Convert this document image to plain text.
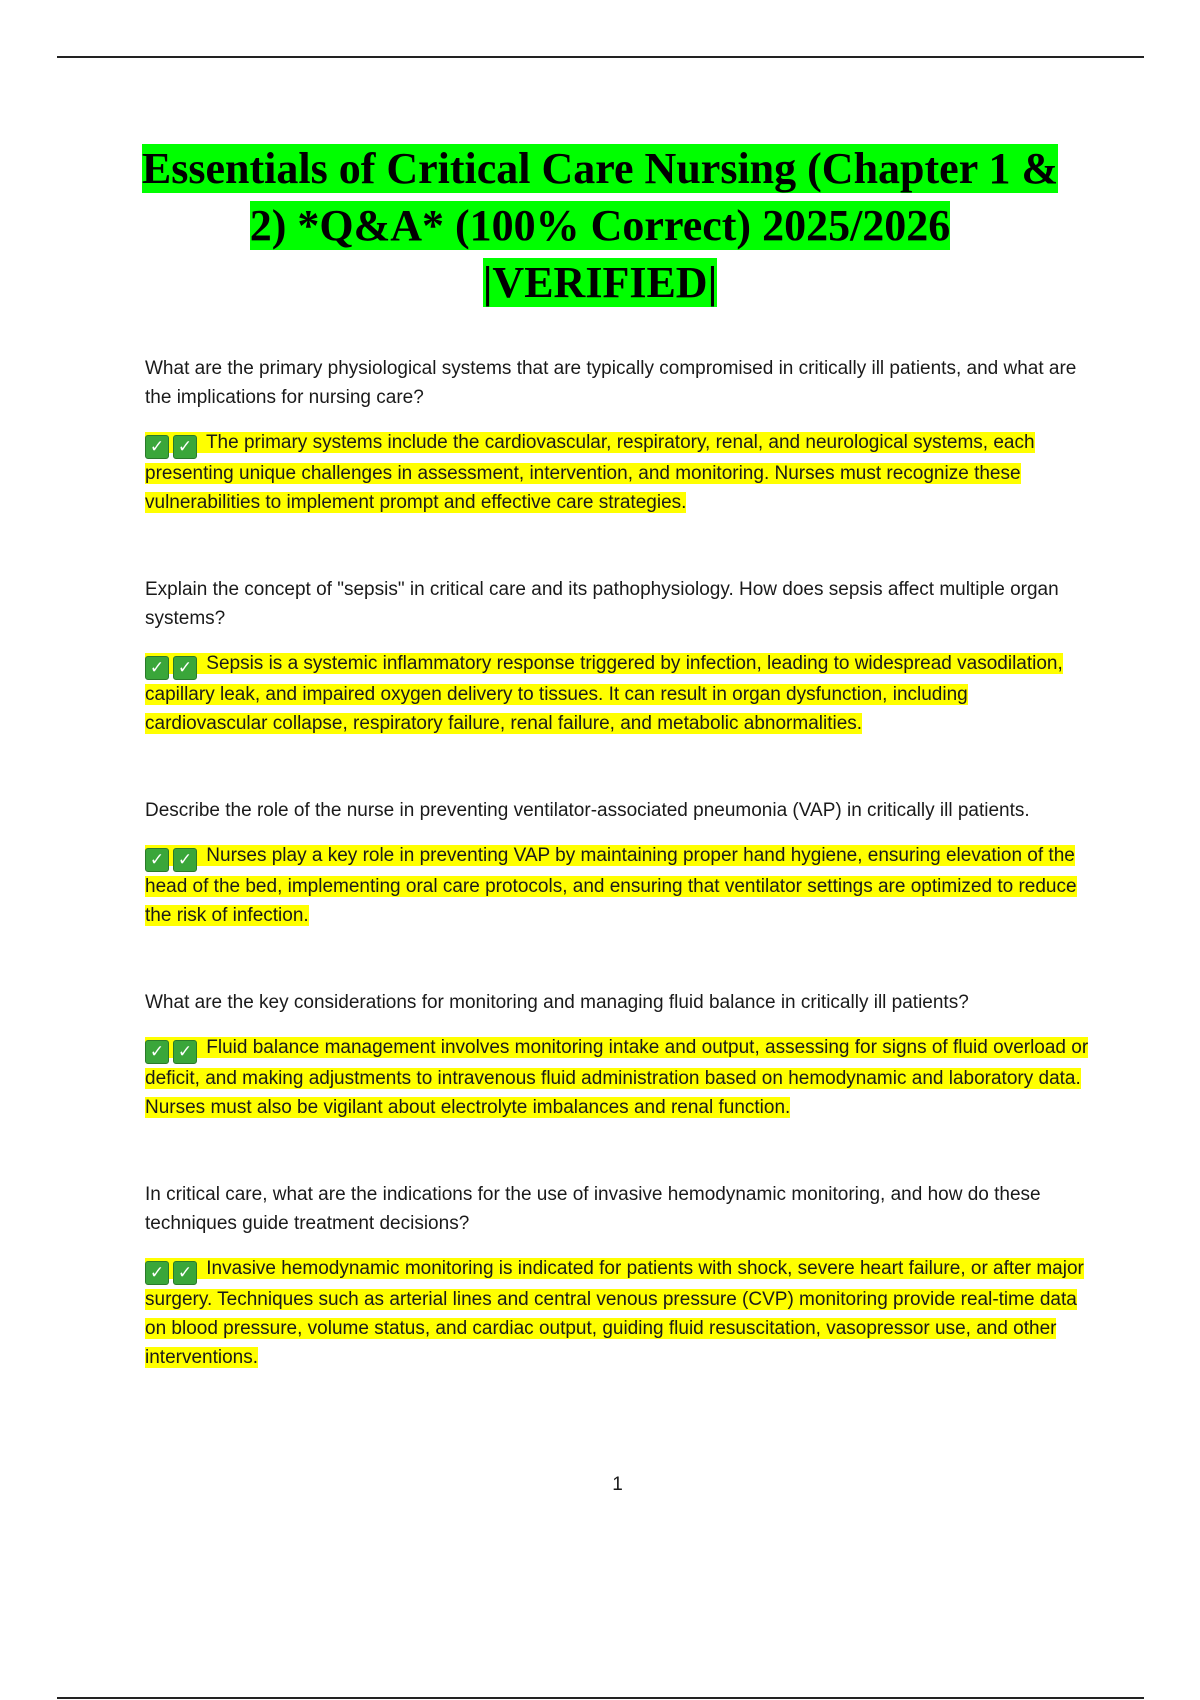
Essentials of Critical Care Nursing (Chapter 1 & 2) *Q&A* (100% Correct) 2025/2026 |VERIFIED|

What are the primary physiological systems that are typically compromised in critically ill patients, and what are the implications for nursing care?

✓ ✓ The primary systems include the cardiovascular, respiratory, renal, and neurological systems, each presenting unique challenges in assessment, intervention, and monitoring. Nurses must recognize these vulnerabilities to implement prompt and effective care strategies.

Explain the concept of "sepsis" in critical care and its pathophysiology. How does sepsis affect multiple organ systems?

✓ ✓ Sepsis is a systemic inflammatory response triggered by infection, leading to widespread vasodilation, capillary leak, and impaired oxygen delivery to tissues. It can result in organ dysfunction, including cardiovascular collapse, respiratory failure, renal failure, and metabolic abnormalities.

Describe the role of the nurse in preventing ventilator-associated pneumonia (VAP) in critically ill patients.

✓ ✓ Nurses play a key role in preventing VAP by maintaining proper hand hygiene, ensuring elevation of the head of the bed, implementing oral care protocols, and ensuring that ventilator settings are optimized to reduce the risk of infection.

What are the key considerations for monitoring and managing fluid balance in critically ill patients?

✓ ✓ Fluid balance management involves monitoring intake and output, assessing for signs of fluid overload or deficit, and making adjustments to intravenous fluid administration based on hemodynamic and laboratory data. Nurses must also be vigilant about electrolyte imbalances and renal function.

In critical care, what are the indications for the use of invasive hemodynamic monitoring, and how do these techniques guide treatment decisions?

✓ ✓ Invasive hemodynamic monitoring is indicated for patients with shock, severe heart failure, or after major surgery. Techniques such as arterial lines and central venous pressure (CVP) monitoring provide real-time data on blood pressure, volume status, and cardiac output, guiding fluid resuscitation, vasopressor use, and other interventions.

1
